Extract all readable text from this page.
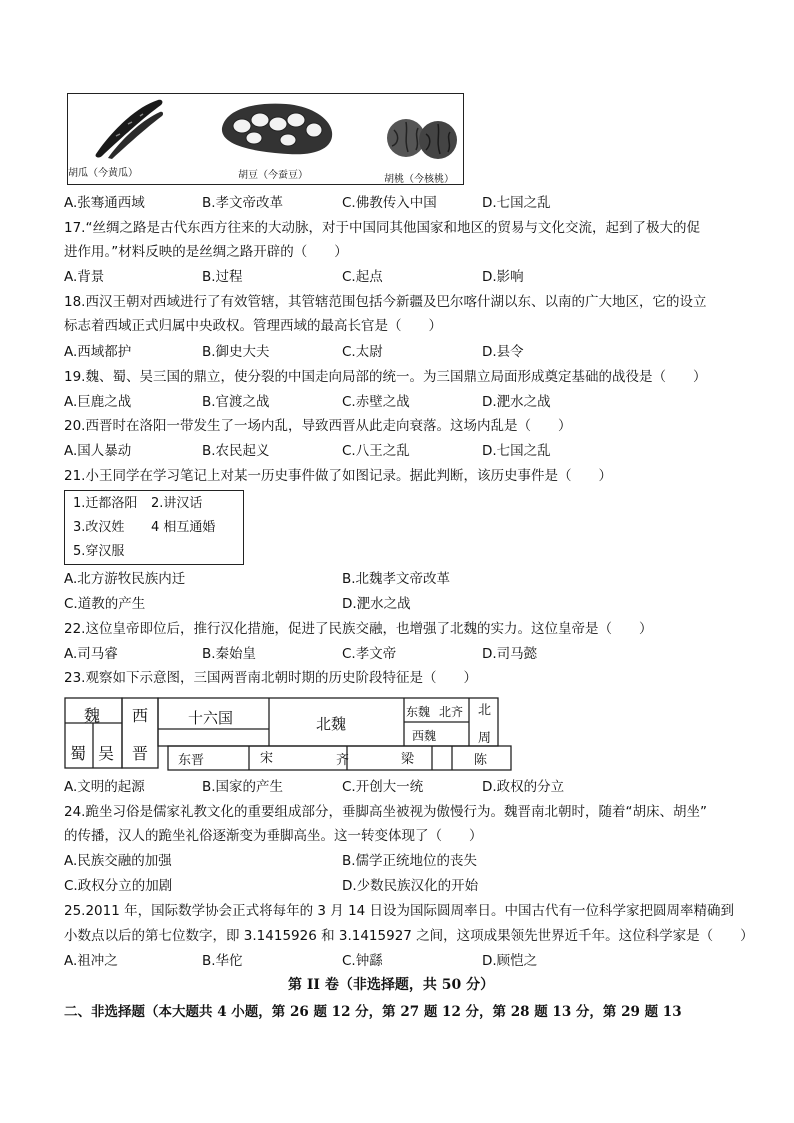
胡瓜（今黄瓜）	胡豆（今蚕豆）	胡桃（今核桃）
A.张骞通西域	B.孝文帝改革	C.佛教传入中国	D.七国之乱
17.“丝绸之路是古代东西方往来的大动脉，对于中国同其他国家和地区的贸易与文化交流，起到了极大的促
进作用。”材料反映的是丝绸之路开辟的（　　）
A.背景	B.过程	C.起点	D.影响
18.西汉王朝对西域进行了有效管辖，其管辖范围包括今新疆及巴尔喀什湖以东、以南的广大地区，它的设立
标志着西域正式归属中央政权。管理西域的最高长官是（　　）
A.西域都护	B.御史大夫	C.太尉	D.县令
19.魏、蜀、吴三国的鼎立，使分裂的中国走向局部的统一。为三国鼎立局面形成奠定基础的战役是（　　）
A.巨鹿之战	B.官渡之战	C.赤壁之战	D.淝水之战
20.西晋时在洛阳一带发生了一场内乱，导致西晋从此走向衰落。这场内乱是（　　）
A.国人暴动	B.农民起义	C.八王之乱	D.七国之乱
21.小王同学在学习笔记上对某一历史事件做了如图记录。据此判断，该历史事件是（　　）
1.迁都洛阳 2.讲汉话
3.改汉姓 4 相互通婚
5.穿汉服
A.北方游牧民族内迁	B.北魏孝文帝改革
C.道教的产生	D.淝水之战
22.这位皇帝即位后，推行汉化措施，促进了民族交融，也增强了北魏的实力。这位皇帝是（　　）
A.司马睿	B.秦始皇	C.孝文帝	D.司马懿
23.观察如下示意图，三国两晋南北朝时期的历史阶段特征是（　　）
魏
蜀 吴
西
晋
十六国	北魏
东魏 北齐
西魏
北
周
东晋	宋	齐	梁	陈
A.文明的起源	B.国家的产生	C.开创大一统	D.政权的分立
24.跪坐习俗是儒家礼教文化的重要组成部分，垂脚高坐被视为傲慢行为。魏晋南北朝时，随着“胡床、胡坐”
的传播，汉人的跪坐礼俗逐渐变为垂脚高坐。这一转变体现了（　　）
A.民族交融的加强	B.儒学正统地位的丧失
C.政权分立的加剧	D.少数民族汉化的开始
25.2011 年，国际数学协会正式将每年的 3 月 14 日设为国际圆周率日。中国古代有一位科学家把圆周率精确到
小数点以后的第七位数字，即 3.1415926 和 3.1415927 之间，这项成果领先世界近千年。这位科学家是（　　）
A.祖冲之	B.华佗	C.钟繇	D.顾恺之
第 II 卷（非选择题，共 50 分）
二、非选择题（本大题共 4 小题，第 26 题 12 分，第 27 题 12 分，第 28 题 13 分，第 29 题 13
